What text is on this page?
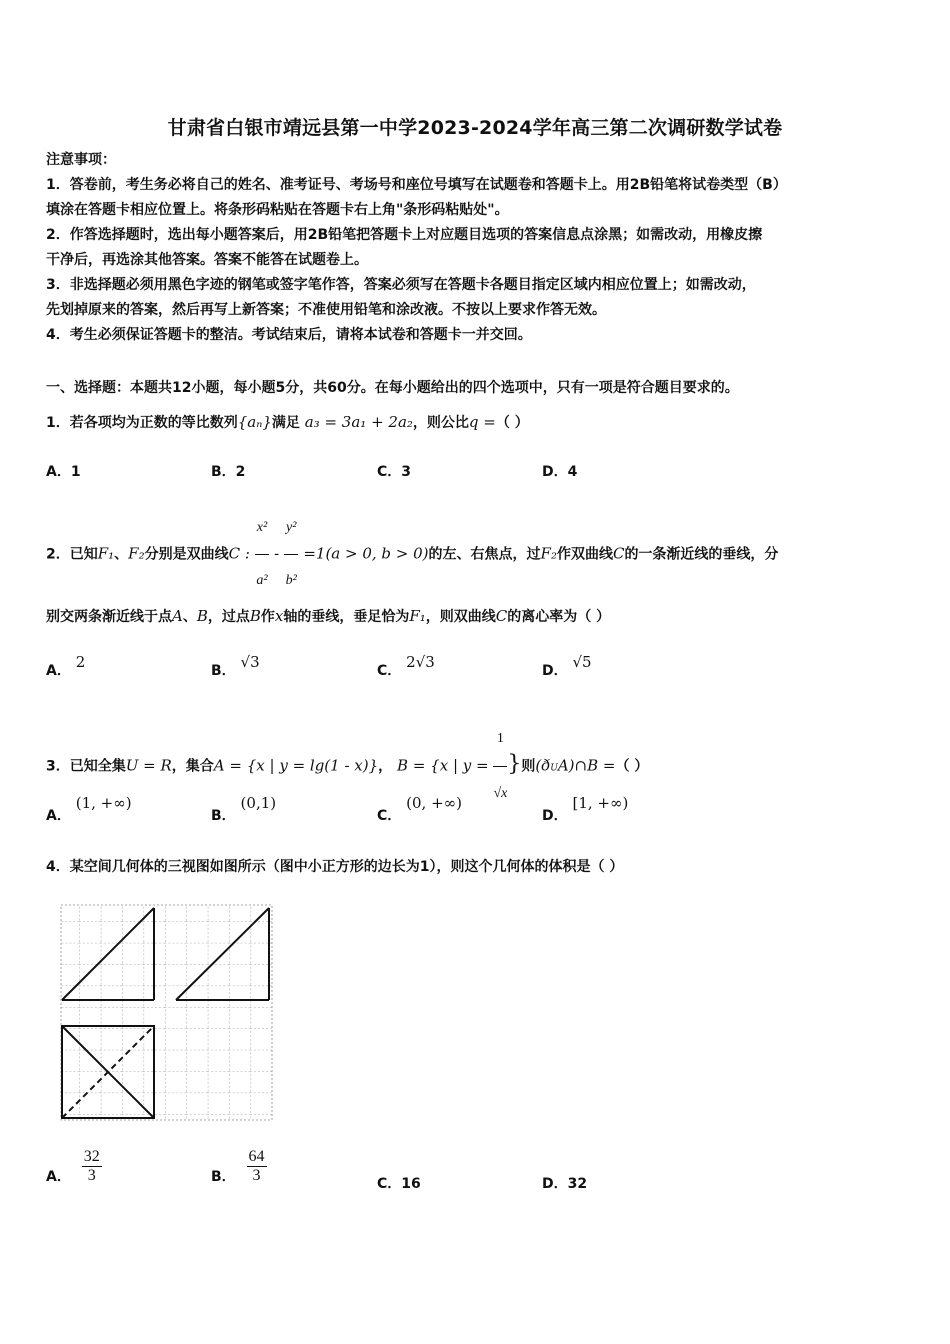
甘肃省白银市靖远县第一中学2023-2024学年高三第二次调研数学试卷
注意事项：
1．答卷前，考生务必将自己的姓名、准考证号、考场号和座位号填写在试题卷和答题卡上。用2B铅笔将试卷类型（B）
填涂在答题卡相应位置上。将条形码粘贴在答题卡右上角"条形码粘贴处"。
2．作答选择题时，选出每小题答案后，用2B铅笔把答题卡上对应题目选项的答案信息点涂黑；如需改动，用橡皮擦
干净后，再选涂其他答案。答案不能答在试题卷上。
3．非选择题必须用黑色字迹的钢笔或签字笔作答，答案必须写在答题卡各题目指定区域内相应位置上；如需改动，
先划掉原来的答案，然后再写上新答案；不准使用铅笔和涂改液。不按以上要求作答无效。
4．考生必须保证答题卡的整洁。考试结束后，请将本试卷和答题卡一并交回。
一、选择题：本题共12小题，每小题5分，共60分。在每小题给出的四个选项中，只有一项是符合题目要求的。
1．若各项均为正数的等比数列{aₙ}满足 a₃ = 3a₁ + 2a₂，则公比q =（ ）
A．1	B．2	C．3	D．4
2．已知F₁、F₂分别是双曲线C : $\frac{\text{x²}}{\text{a²}} - \frac{\text{y²}}{\text{b²}} =1(a > 0$, b > 0)的左、右焦点，过F₂作双曲线C的一条渐近线的垂线，分
别交两条渐近线于点A、B，过点B作x轴的垂线，垂足恰为F₁，则双曲线C的离心率为（ ）
A． 2	B． √3	C． 2√3	D． √5
3．已知全集U = R，集合A = {x | y = lg(1 - x)}， B = {x | $y = \frac{1}{√x}$ }则(ðUA)∩B =（ ）
A． (1, +∞)
B． (0,1)
C． (0, +∞)
D． [1, +∞)
4．某空间几何体的三视图如图所示（图中小正方形的边长为1），则这个几何体的体积是（ ）
A． $\frac{32}{3}$	B． $\frac{64}{3}$	C．16	D．32
